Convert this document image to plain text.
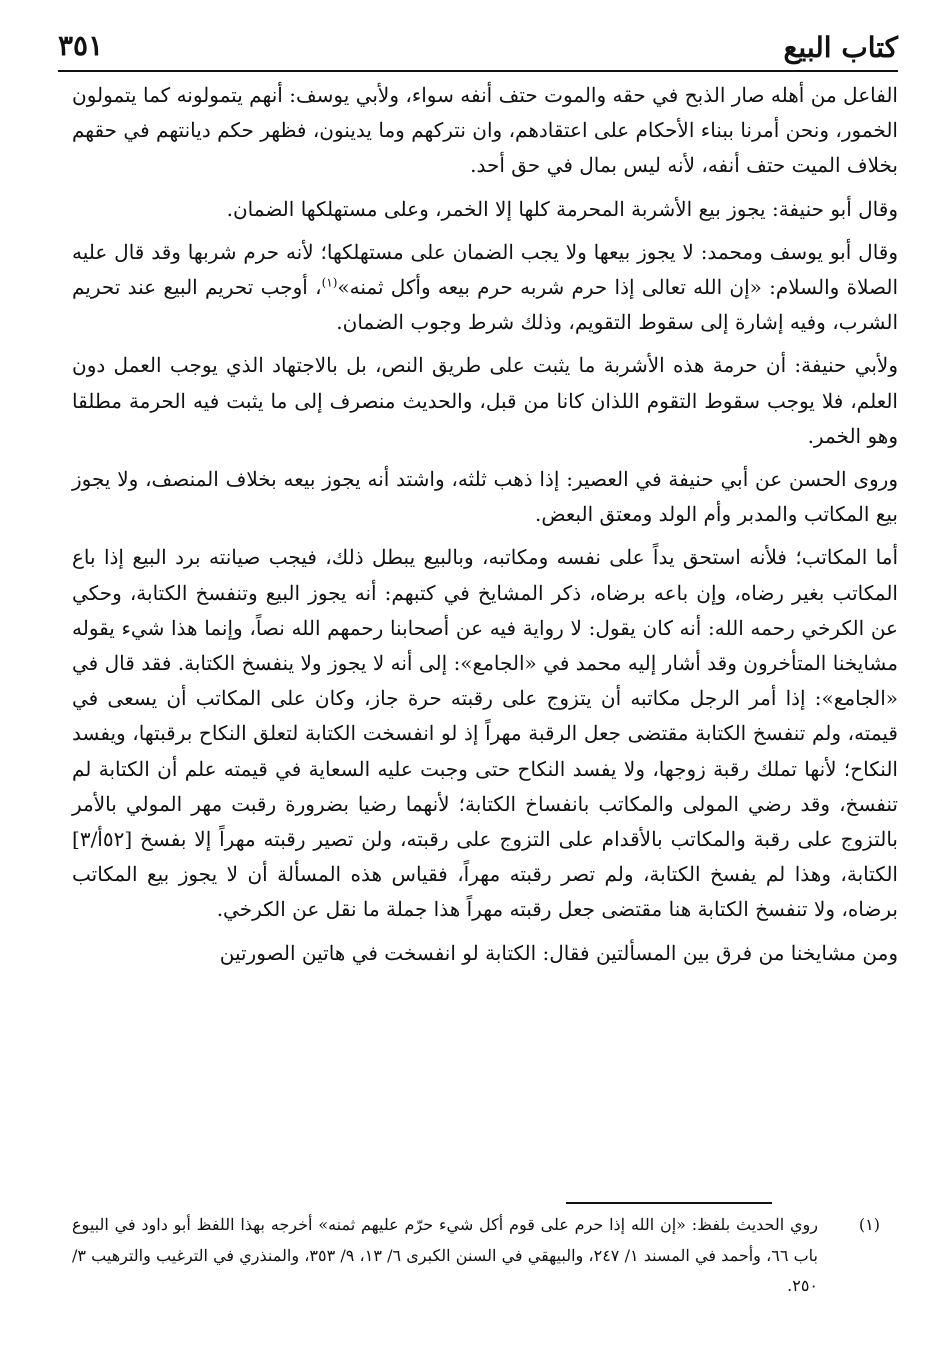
كتاب البيع
٣٥١

الفاعل من أهله صار الذبح في حقه والموت حتف أنفه سواء، ولأبي يوسف: أنهم يتمولونه كما يتمولون الخمور، ونحن أمرنا ببناء الأحكام على اعتقادهم، وان نتركهم وما يدينون، فظهر حكم ديانتهم في حقهم بخلاف الميت حتف أنفه، لأنه ليس بمال في حق أحد.

وقال أبو حنيفة: يجوز بيع الأشربة المحرمة كلها إلا الخمر، وعلى مستهلكها الضمان.

وقال أبو يوسف ومحمد: لا يجوز بيعها ولا يجب الضمان على مستهلكها؛ لأنه حرم شربها وقد قال عليه الصلاة والسلام: «إن الله تعالى إذا حرم شربه حرم بيعه وأكل ثمنه»$^{(١)}$، أوجب تحريم البيع عند تحريم الشرب، وفيه إشارة إلى سقوط التقويم، وذلك شرط وجوب الضمان.

ولأبي حنيفة: أن حرمة هذه الأشربة ما يثبت على طريق النص، بل بالاجتهاد الذي يوجب العمل دون العلم، فلا يوجب سقوط التقوم اللذان كانا من قبل، والحديث منصرف إلى ما يثبت فيه الحرمة مطلقا وهو الخمر.

وروى الحسن عن أبي حنيفة في العصير: إذا ذهب ثلثه، واشتد أنه يجوز بيعه بخلاف المنصف، ولا يجوز بيع المكاتب والمدبر وأم الولد ومعتق البعض.

أما المكاتب؛ فلأنه استحق يداً على نفسه ومكاتبه، وبالبيع يبطل ذلك، فيجب صيانته برد البيع إذا باع المكاتب بغير رضاه، وإن باعه برضاه، ذكر المشايخ في كتبهم: أنه يجوز البيع وتنفسخ الكتابة، وحكي عن الكرخي رحمه الله: أنه كان يقول: لا رواية فيه عن أصحابنا رحمهم الله نصاً، وإنما هذا شيء يقوله مشايخنا المتأخرون وقد أشار إليه محمد في «الجامع»: إلى أنه لا يجوز ولا ينفسخ الكتابة. فقد قال في «الجامع»: إذا أمر الرجل مكاتبه أن يتزوج على رقبته حرة جاز، وكان على المكاتب أن يسعى في قيمته، ولم تنفسخ الكتابة مقتضى جعل الرقبة مهراً إذ لو انفسخت الكتابة لتعلق النكاح برقبتها، ويفسد النكاح؛ لأنها تملك رقبة زوجها، ولا يفسد النكاح حتى وجبت عليه السعاية في قيمته علم أن الكتابة لم تنفسخ، وقد رضي المولى والمكاتب بانفساخ الكتابة؛ لأنهما رضيا بضرورة رقبت مهر المولي بالأمر بالتزوج على رقبة والمكاتب بالأقدام على التزوج على رقبته، ولن تصير رقبته مهراً إلا بفسخ [٥٢أ/٣] الكتابة، وهذا لم يفسخ الكتابة، ولم تصر رقبته مهراً، فقياس هذه المسألة أن لا يجوز بيع المكاتب برضاه، ولا تنفسخ الكتابة هنا مقتضى جعل رقبته مهراً هذا جملة ما نقل عن الكرخي.

ومن مشايخنا من فرق بين المسألتين فقال: الكتابة لو انفسخت في هاتين الصورتين

(١)
روي الحديث بلفظ: «إن الله إذا حرم على قوم أكل شيء حرّم عليهم ثمنه» أخرجه بهذا اللفظ أبو داود في البيوع باب ٦٦، وأحمد في المسند ١/ ٢٤٧، والبيهقي في السنن الكبرى ٦/ ١٣، ٩/ ٣٥٣، والمنذري في الترغيب والترهيب ٣/ ٢٥٠.
